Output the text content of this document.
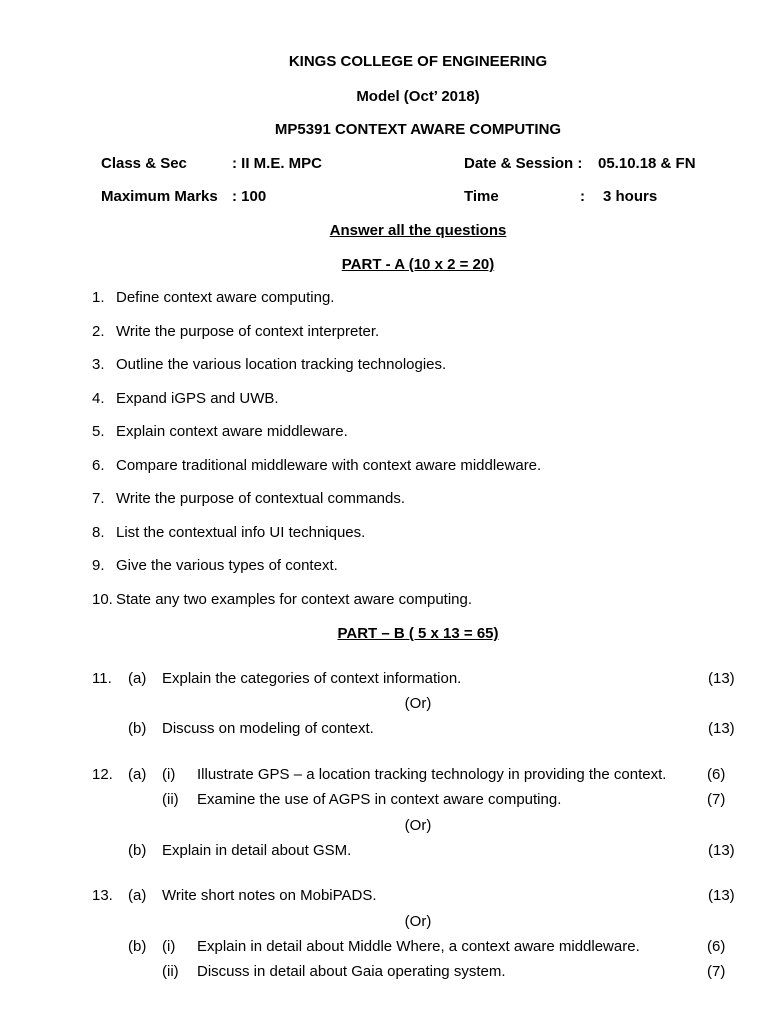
KINGS COLLEGE OF ENGINEERING
Model (Oct’ 2018)
MP5391 CONTEXT AWARE COMPUTING
Class & Sec	: II M.E. MPC	Date & Session : 05.10.18 & FN
Maximum Marks : 100	Time	: 3 hours
Answer all the questions
PART - A (10 x 2 = 20)
1. Define context aware computing.
2. Write the purpose of context interpreter.
3. Outline the various location tracking technologies.
4. Expand iGPS and UWB.
5. Explain context aware middleware.
6. Compare traditional middleware with context aware middleware.
7. Write the purpose of contextual commands.
8. List the contextual info UI techniques.
9. Give the various types of context.
10. State any two examples for context aware computing.
PART – B ( 5 x 13 = 65)
11. (a) Explain the categories of context information.	(13)
(Or)
(b) Discuss on modeling of context.	(13)
12. (a) (i) Illustrate GPS – a location tracking technology in providing the context.	(6)
(ii) Examine the use of AGPS in context aware computing.	(7)
(Or)
(b) Explain in detail about GSM.	(13)
13. (a) Write short notes on MobiPADS.	(13)
(Or)
(b) (i) Explain in detail about Middle Where, a context aware middleware.	(6)
(ii) Discuss in detail about Gaia operating system.	(7)
